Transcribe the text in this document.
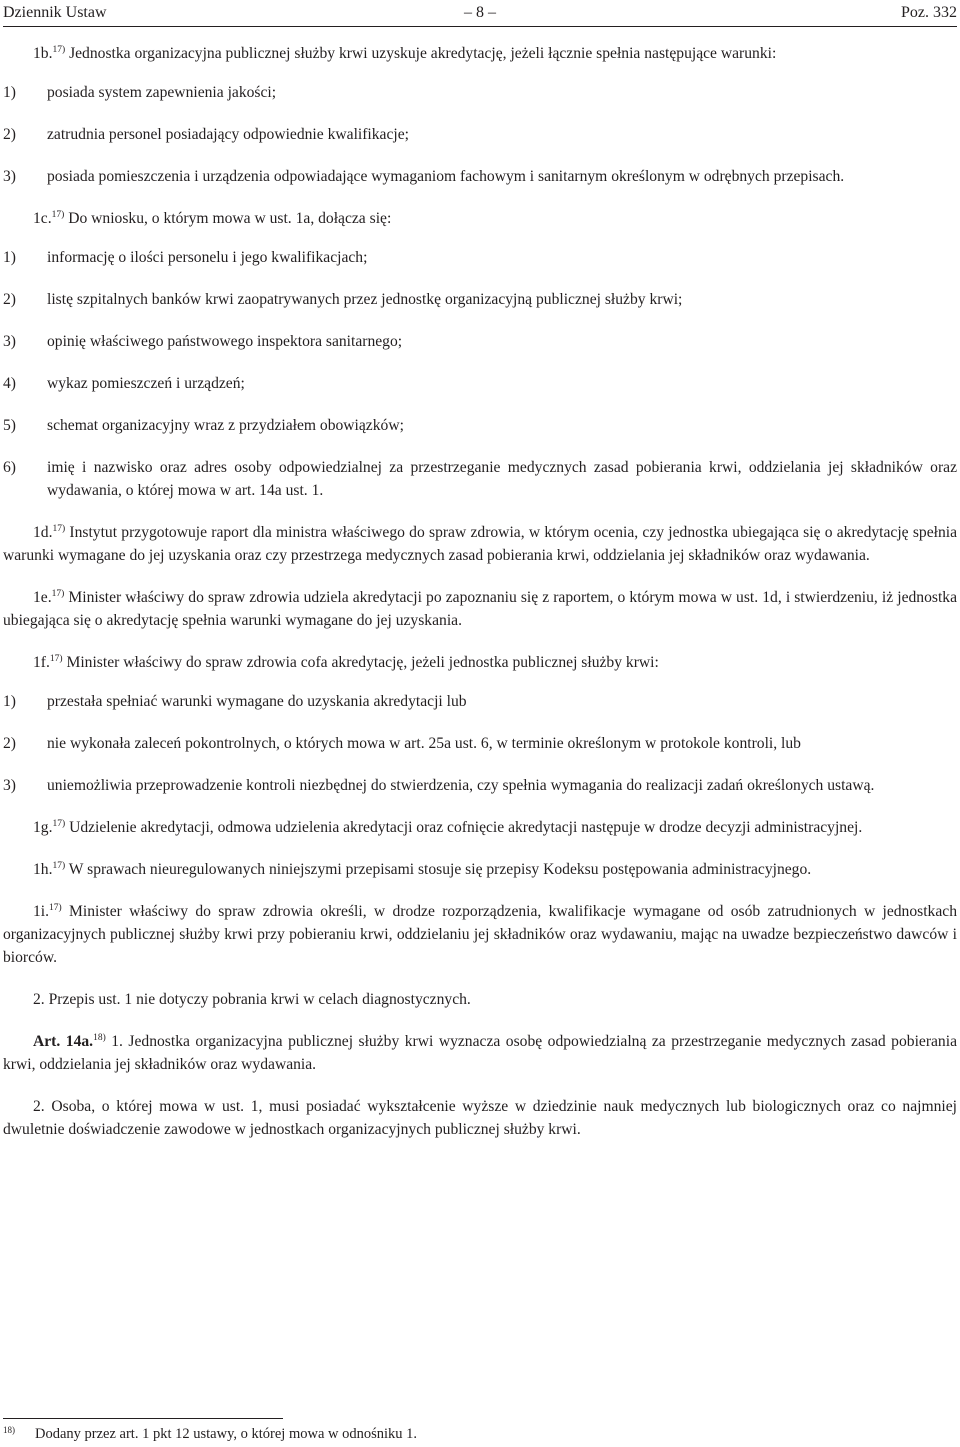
Dziennik Ustaw	– 8 –	Poz. 332

1b.$^{17)}$ Jednostka organizacyjna publicznej służby krwi uzyskuje akredytację, jeżeli łącznie spełnia następujące warunki:

1)	posiada system zapewnienia jakości;
2)	zatrudnia personel posiadający odpowiednie kwalifikacje;
3)	posiada pomieszczenia i urządzenia odpowiadające wymaganiom fachowym i sanitarnym określonym w odrębnych przepisach.

1c.$^{17)}$ Do wniosku, o którym mowa w ust. 1a, dołącza się:

1)	informację o ilości personelu i jego kwalifikacjach;
2)	listę szpitalnych banków krwi zaopatrywanych przez jednostkę organizacyjną publicznej służby krwi;
3)	opinię właściwego państwowego inspektora sanitarnego;
4)	wykaz pomieszczeń i urządzeń;
5)	schemat organizacyjny wraz z przydziałem obowiązków;
6)	imię i nazwisko oraz adres osoby odpowiedzialnej za przestrzeganie medycznych zasad pobierania krwi, oddzielania jej składników oraz wydawania, o której mowa w art. 14a ust. 1.

1d.$^{17)}$ Instytut przygotowuje raport dla ministra właściwego do spraw zdrowia, w którym ocenia, czy jednostka ubiegająca się o akredytację spełnia warunki wymagane do jej uzyskania oraz czy przestrzega medycznych zasad pobierania krwi, oddzielania jej składników oraz wydawania.

1e.$^{17)}$ Minister właściwy do spraw zdrowia udziela akredytacji po zapoznaniu się z raportem, o którym mowa w ust. 1d, i stwierdzeniu, iż jednostka ubiegająca się o akredytację spełnia warunki wymagane do jej uzyskania.

1f.$^{17)}$ Minister właściwy do spraw zdrowia cofa akredytację, jeżeli jednostka publicznej służby krwi:

1)	przestała spełniać warunki wymagane do uzyskania akredytacji lub
2)	nie wykonała zaleceń pokontrolnych, o których mowa w art. 25a ust. 6, w terminie określonym w protokole kontroli, lub
3)	uniemożliwia przeprowadzenie kontroli niezbędnej do stwierdzenia, czy spełnia wymagania do realizacji zadań określonych ustawą.

1g.$^{17)}$ Udzielenie akredytacji, odmowa udzielenia akredytacji oraz cofnięcie akredytacji następuje w drodze decyzji administracyjnej.

1h.$^{17)}$ W sprawach nieuregulowanych niniejszymi przepisami stosuje się przepisy Kodeksu postępowania administracyjnego.

1i.$^{17)}$ Minister właściwy do spraw zdrowia określi, w drodze rozporządzenia, kwalifikacje wymagane od osób zatrudnionych w jednostkach organizacyjnych publicznej służby krwi przy pobieraniu krwi, oddzielaniu jej składników oraz wydawaniu, mając na uwadze bezpieczeństwo dawców i biorców.

2. Przepis ust. 1 nie dotyczy pobrania krwi w celach diagnostycznych.

Art. 14a.$^{18)}$ 1. Jednostka organizacyjna publicznej służby krwi wyznacza osobę odpowiedzialną za przestrzeganie medycznych zasad pobierania krwi, oddzielania jej składników oraz wydawania.

2. Osoba, o której mowa w ust. 1, musi posiadać wykształcenie wyższe w dziedzinie nauk medycznych lub biologicznych oraz co najmniej dwuletnie doświadczenie zawodowe w jednostkach organizacyjnych publicznej służby krwi.

$^{18)}$	Dodany przez art. 1 pkt 12 ustawy, o której mowa w odnośniku 1.
